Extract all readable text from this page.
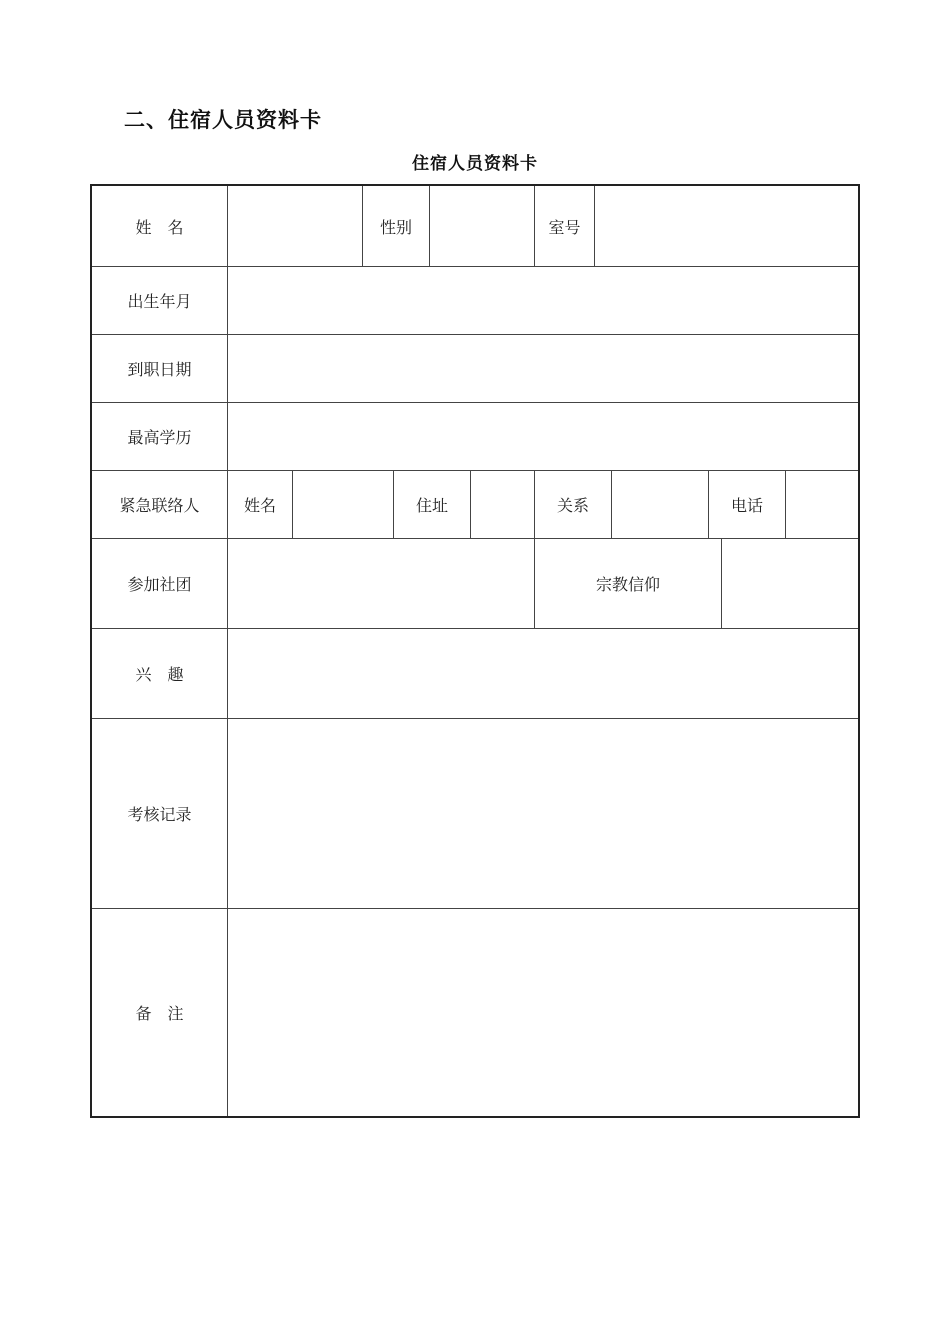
二、住宿人员资料卡
住宿人员资料卡
姓　名	性别	室号
出生年月
到职日期
最高学历
紧急联络人	姓名	住址	关系	电话
参加社团	宗教信仰
兴　趣
考核记录
备　注
